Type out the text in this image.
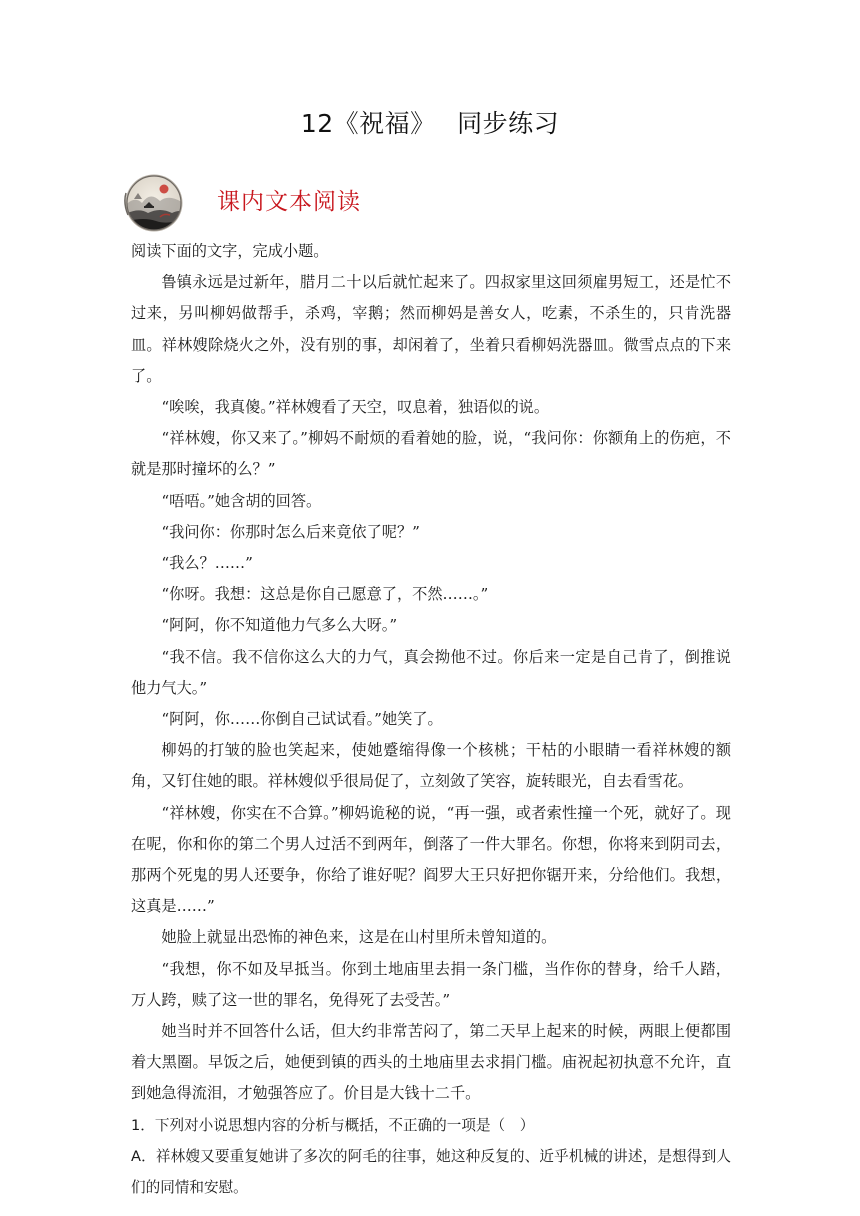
12《祝福》　 同步练习
课内文本阅读

阅读下面的文字，完成小题。

鲁镇永远是过新年，腊月二十以后就忙起来了。四叔家里这回须雇男短工，还是忙不过来，另叫柳妈做帮手，杀鸡，宰鹅；然而柳妈是善女人，吃素，不杀生的，只肯洗器皿。祥林嫂除烧火之外，没有别的事，却闲着了，坐着只看柳妈洗器皿。微雪点点的下来了。

“唉唉，我真傻。”祥林嫂看了天空，叹息着，独语似的说。

“祥林嫂，你又来了。”柳妈不耐烦的看着她的脸，说，“我问你：你额角上的伤疤，不就是那时撞坏的么？”

“唔唔。”她含胡的回答。

“我问你：你那时怎么后来竟依了呢？”

“我么？……”

“你呀。我想：这总是你自己愿意了，不然……。”

“阿阿，你不知道他力气多么大呀。”

“我不信。我不信你这么大的力气，真会拗他不过。你后来一定是自己肯了，倒推说他力气大。”

“阿阿，你……你倒自己试试看。”她笑了。

柳妈的打皱的脸也笑起来，使她蹙缩得像一个核桃；干枯的小眼睛一看祥林嫂的额角，又钉住她的眼。祥林嫂似乎很局促了，立刻敛了笑容，旋转眼光，自去看雪花。

“祥林嫂，你实在不合算。”柳妈诡秘的说，“再一强，或者索性撞一个死，就好了。现在呢，你和你的第二个男人过活不到两年，倒落了一件大罪名。你想，你将来到阴司去，那两个死鬼的男人还要争，你给了谁好呢？阎罗大王只好把你锯开来，分给他们。我想，这真是……”

她脸上就显出恐怖的神色来，这是在山村里所未曾知道的。

“我想，你不如及早抵当。你到土地庙里去捐一条门槛，当作你的替身，给千人踏，万人跨，赎了这一世的罪名，免得死了去受苦。”

她当时并不回答什么话，但大约非常苦闷了，第二天早上起来的时候，两眼上便都围着大黑圈。早饭之后，她便到镇的西头的土地庙里去求捐门槛。庙祝起初执意不允许，直到她急得流泪，才勉强答应了。价目是大钱十二千。

1．下列对小说思想内容的分析与概括，不正确的一项是（　）

A．祥林嫂又要重复她讲了多次的阿毛的往事，她这种反复的、近乎机械的讲述，是想得到人们的同情和安慰。
